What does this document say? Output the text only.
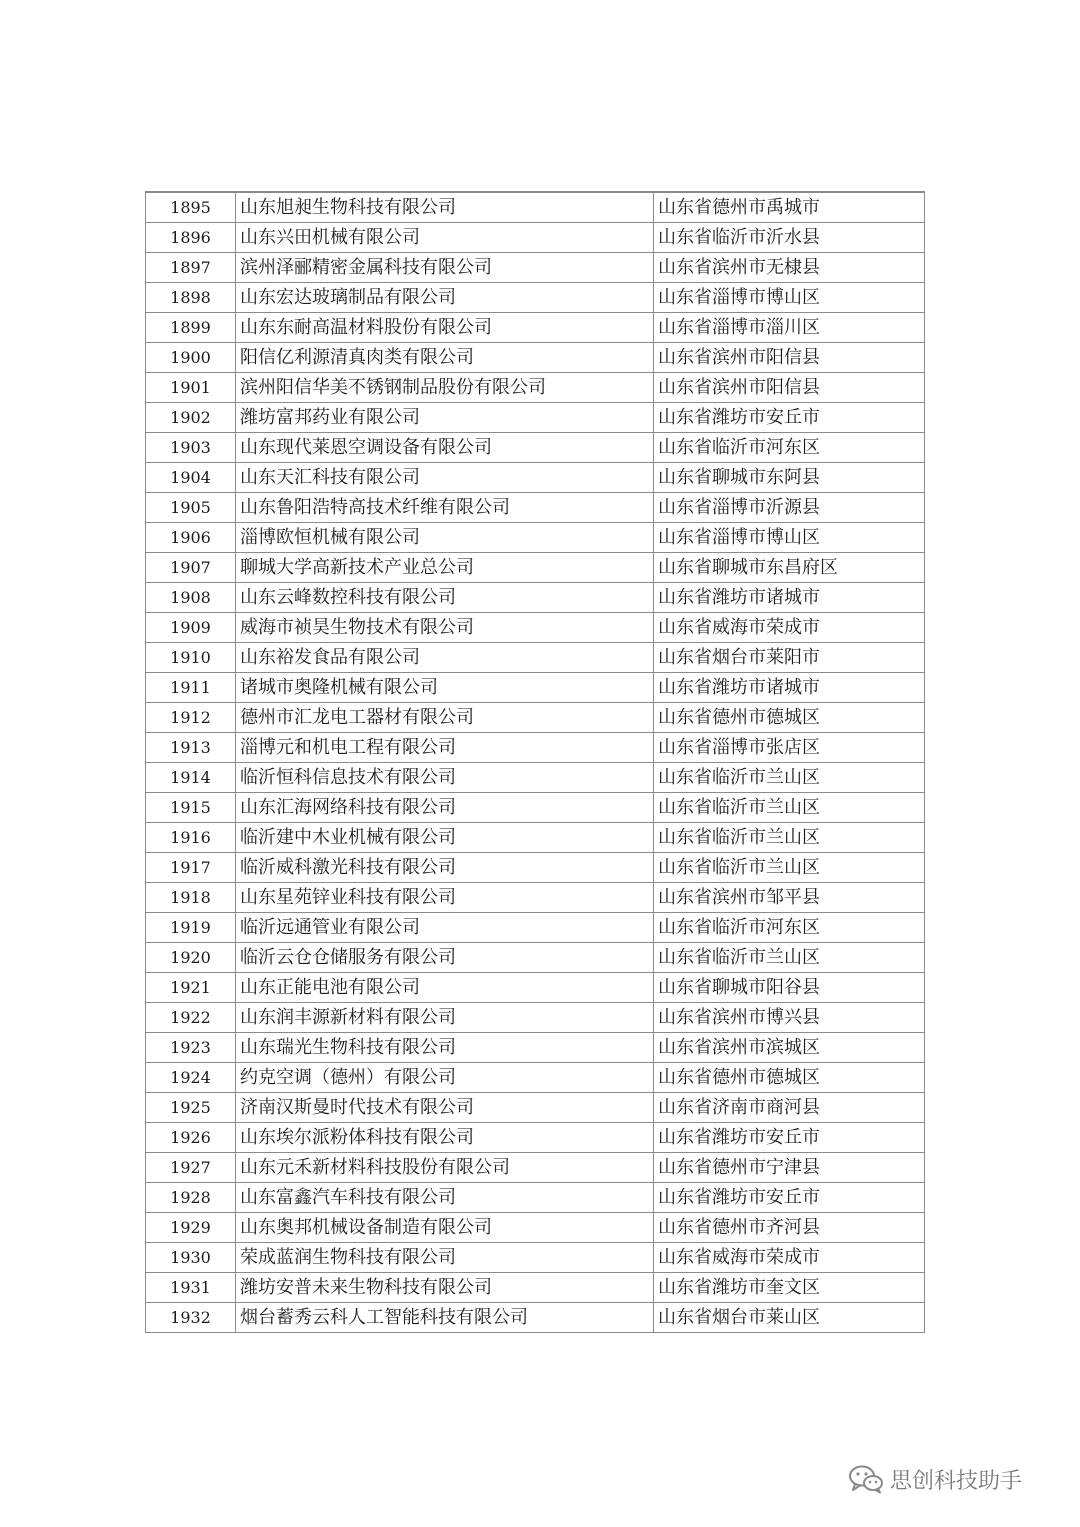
1895	山东旭昶生物科技有限公司	山东省德州市禹城市
1896	山东兴田机械有限公司	山东省临沂市沂水县
1897	滨州泽郦精密金属科技有限公司	山东省滨州市无棣县
1898	山东宏达玻璃制品有限公司	山东省淄博市博山区
1899	山东东耐高温材料股份有限公司	山东省淄博市淄川区
1900	阳信亿利源清真肉类有限公司	山东省滨州市阳信县
1901	滨州阳信华美不锈钢制品股份有限公司	山东省滨州市阳信县
1902	潍坊富邦药业有限公司	山东省潍坊市安丘市
1903	山东现代莱恩空调设备有限公司	山东省临沂市河东区
1904	山东天汇科技有限公司	山东省聊城市东阿县
1905	山东鲁阳浩特高技术纤维有限公司	山东省淄博市沂源县
1906	淄博欧恒机械有限公司	山东省淄博市博山区
1907	聊城大学高新技术产业总公司	山东省聊城市东昌府区
1908	山东云峰数控科技有限公司	山东省潍坊市诸城市
1909	威海市祯昊生物技术有限公司	山东省威海市荣成市
1910	山东裕发食品有限公司	山东省烟台市莱阳市
1911	诸城市奥隆机械有限公司	山东省潍坊市诸城市
1912	德州市汇龙电工器材有限公司	山东省德州市德城区
1913	淄博元和机电工程有限公司	山东省淄博市张店区
1914	临沂恒科信息技术有限公司	山东省临沂市兰山区
1915	山东汇海网络科技有限公司	山东省临沂市兰山区
1916	临沂建中木业机械有限公司	山东省临沂市兰山区
1917	临沂威科激光科技有限公司	山东省临沂市兰山区
1918	山东星苑锌业科技有限公司	山东省滨州市邹平县
1919	临沂远通管业有限公司	山东省临沂市河东区
1920	临沂云仓仓储服务有限公司	山东省临沂市兰山区
1921	山东正能电池有限公司	山东省聊城市阳谷县
1922	山东润丰源新材料有限公司	山东省滨州市博兴县
1923	山东瑞光生物科技有限公司	山东省滨州市滨城区
1924	约克空调（德州）有限公司	山东省德州市德城区
1925	济南汉斯曼时代技术有限公司	山东省济南市商河县
1926	山东埃尔派粉体科技有限公司	山东省潍坊市安丘市
1927	山东元禾新材料科技股份有限公司	山东省德州市宁津县
1928	山东富鑫汽车科技有限公司	山东省潍坊市安丘市
1929	山东奥邦机械设备制造有限公司	山东省德州市齐河县
1930	荣成蓝润生物科技有限公司	山东省威海市荣成市
1931	潍坊安普未来生物科技有限公司	山东省潍坊市奎文区
1932	烟台蓄秀云科人工智能科技有限公司	山东省烟台市莱山区
思创科技助手
